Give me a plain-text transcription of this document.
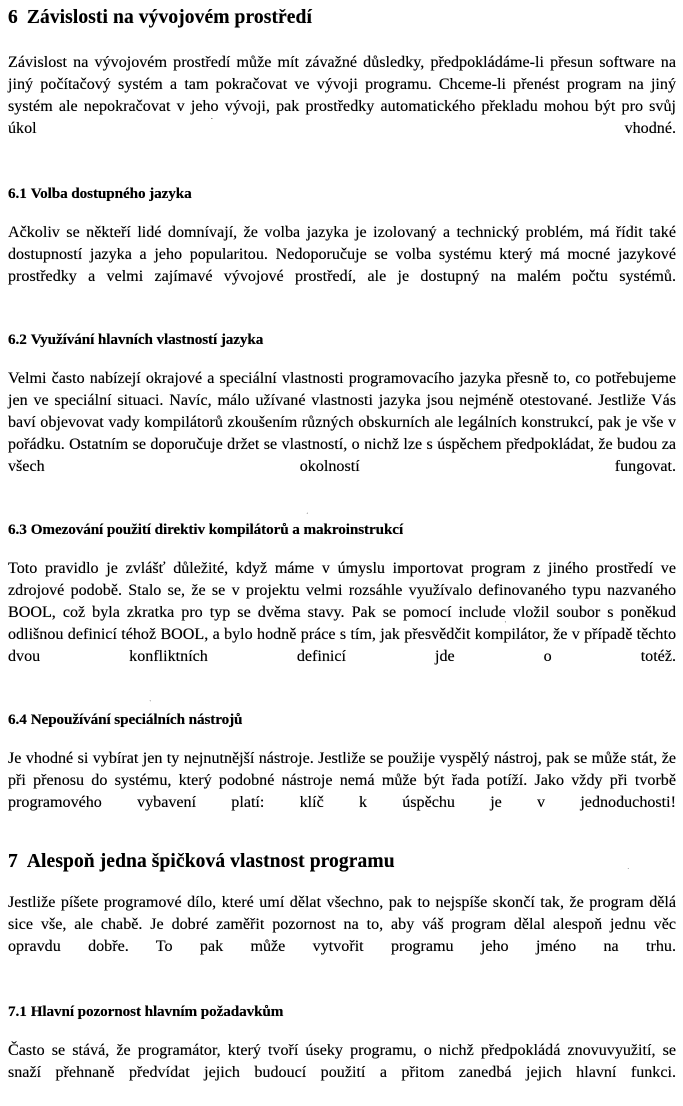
6 Závislosti na vývojovém prostředí

Závislost na vývojovém prostředí může mít závažné důsledky, předpokládáme-li přesun software na jiný počítačový systém a tam pokračovat ve vývoji programu. Chceme-li přenést program na jiný systém ale nepokračovat v jeho vývoji, pak prostředky automatického překladu mohou být pro svůj úkol vhodné.

6.1 Volba dostupného jazyka

Ačkoliv se někteří lidé domnívají, že volba jazyka je izolovaný a technický problém, má řídit také dostupností jazyka a jeho popularitou. Nedoporučuje se volba systému který má mocné jazykové prostředky a velmi zajímavé vývojové prostředí, ale je dostupný na malém počtu systémů.

6.2 Využívání hlavních vlastností jazyka

Velmi často nabízejí okrajové a speciální vlastnosti programovacího jazyka přesně to, co potřebujeme jen ve speciální situaci. Navíc, málo užívané vlastnosti jazyka jsou nejméně otestované. Jestliže Vás baví objevovat vady kompilátorů zkoušením různých obskurních ale legálních konstrukcí, pak je vše v pořádku. Ostatním se doporučuje držet se vlastností, o nichž lze s úspěchem předpokládat, že budou za všech okolností fungovat.

6.3 Omezování použití direktiv kompilátorů a makroinstrukcí

Toto pravidlo je zvlášť důležité, když máme v úmyslu importovat program z jiného prostředí ve zdrojové podobě. Stalo se, že se v projektu velmi rozsáhle využívalo definovaného typu nazvaného BOOL, což byla zkratka pro typ se dvěma stavy. Pak se pomocí include vložil soubor s poněkud odlišnou definicí téhož BOOL, a bylo hodně práce s tím, jak přesvědčit kompilátor, že v případě těchto dvou konfliktních definicí jde o totéž.

6.4 Nepoužívání speciálních nástrojů

Je vhodné si vybírat jen ty nejnutnější nástroje. Jestliže se použije vyspělý nástroj, pak se může stát, že při přenosu do systému, který podobné nástroje nemá může být řada potíží. Jako vždy při tvorbě programového vybavení platí: klíč k úspěchu je v jednoduchosti!

7 Alespoň jedna špičková vlastnost programu

Jestliže píšete programové dílo, které umí dělat všechno, pak to nejspíše skončí tak, že program dělá sice vše, ale chabě. Je dobré zaměřit pozornost na to, aby váš program dělal alespoň jednu věc opravdu dobře. To pak může vytvořit programu jeho jméno na trhu.

7.1 Hlavní pozornost hlavním požadavkům

Často se stává, že programátor, který tvoří úseky programu, o nichž předpokládá znovuvyužití, se snaží přehnaně předvídat jejich budoucí použití a přitom zanedbá jejich hlavní funkci.
